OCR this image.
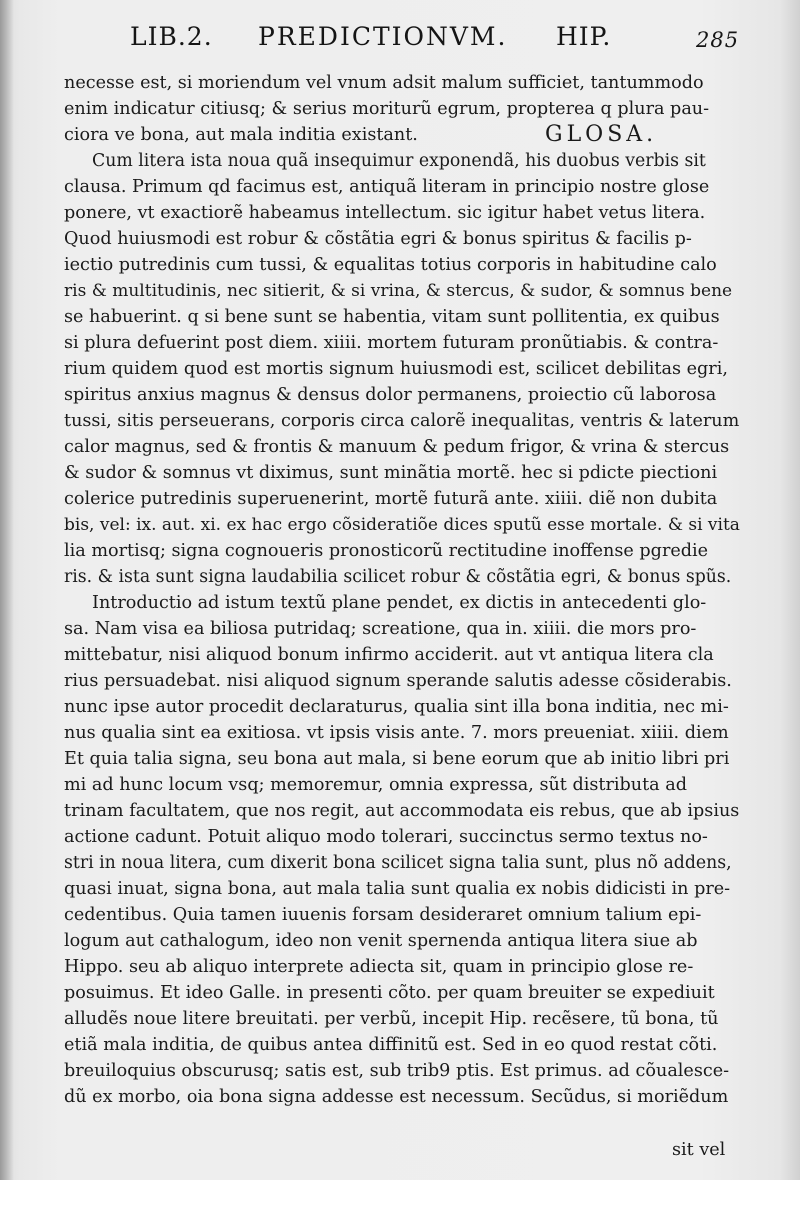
LIB.2. PREDICTIONVM. HIP.	285
necesse est, si moriendum vel vnum adsit malum sufficiet, tantummodo
enim indicatur citiusq; & serius moriturũ egrum, propterea q plura pau-
ciora ve bona, aut mala inditia existant.
Cum litera ista noua quã insequimur exponendã, his duobus verbis sit
clausa. Primum qd facimus est, antiquã literam in principio nostre glose
ponere, vt exactiorẽ habeamus intellectum. sic igitur habet vetus litera.
Quod huiusmodi est robur & cõstãtia egri & bonus spiritus & facilis p-
iectio putredinis cum tussi, & equalitas totius corporis in habitudine calo
ris & multitudinis, nec sitierit, & si vrina, & stercus, & sudor, & somnus bene
se habuerint. q si bene sunt se habentia, vitam sunt pollitentia, ex quibus
si plura defuerint post diem. xiiii. mortem futuram pronũtiabis. & contra-
rium quidem quod est mortis signum huiusmodi est, scilicet debilitas egri,
spiritus anxius magnus & densus dolor permanens, proiectio cũ laborosa
tussi, sitis perseuerans, corporis circa calorẽ inequalitas, ventris & laterum
calor magnus, sed & frontis & manuum & pedum frigor, & vrina & stercus
& sudor & somnus vt diximus, sunt minãtia mortẽ. hec si pdicte piectioni
colerice putredinis superuenerint, mortẽ futurã ante. xiiii. diẽ non dubita
bis, vel: ix. aut. xi. ex hac ergo cõsideratiõe dices sputũ esse mortale. & si vita
lia mortisq; signa cognoueris pronosticorũ rectitudine inoffense pgredie
ris. & ista sunt signa laudabilia scilicet robur & cõstãtia egri, & bonus spũs.
Introductio ad istum textũ plane pendet, ex dictis in antecedenti glo-
sa. Nam visa ea biliosa putridaq; screatione, qua in. xiiii. die mors pro-
mittebatur, nisi aliquod bonum infirmo acciderit. aut vt antiqua litera cla
rius persuadebat. nisi aliquod signum sperande salutis adesse cõsiderabis.
nunc ipse autor procedit declaraturus, qualia sint illa bona inditia, nec mi-
nus qualia sint ea exitiosa. vt ipsis visis ante. 7. mors preueniat. xiiii. diem
Et quia talia signa, seu bona aut mala, si bene eorum que ab initio libri pri
mi ad hunc locum vsq; memoremur, omnia expressa, sũt distributa ad
trinam facultatem, que nos regit, aut accommodata eis rebus, que ab ipsius
actione cadunt. Potuit aliquo modo tolerari, succinctus sermo textus no-
stri in noua litera, cum dixerit bona scilicet signa talia sunt, plus nõ addens,
quasi inuat, signa bona, aut mala talia sunt qualia ex nobis didicisti in pre-
cedentibus. Quia tamen iuuenis forsam desideraret omnium talium epi-
logum aut cathalogum, ideo non venit spernenda antiqua litera siue ab
Hippo. seu ab aliquo interprete adiecta sit, quam in principio glose re-
posuimus. Et ideo Galle. in presenti cõto. per quam breuiter se expediuit
alludẽs noue litere breuitati. per verbũ, incepit Hip. recẽsere, tũ bona, tũ
etiã mala inditia, de quibus antea diffinitũ est. Sed in eo quod restat cõti.
breuiloquius obscurusq; satis est, sub trib9 ptis. Est primus. ad cõualesce-
dũ ex morbo, oia bona signa addesse est necessum. Secũdus, si moriẽdum
GLOSA.
sit vel
